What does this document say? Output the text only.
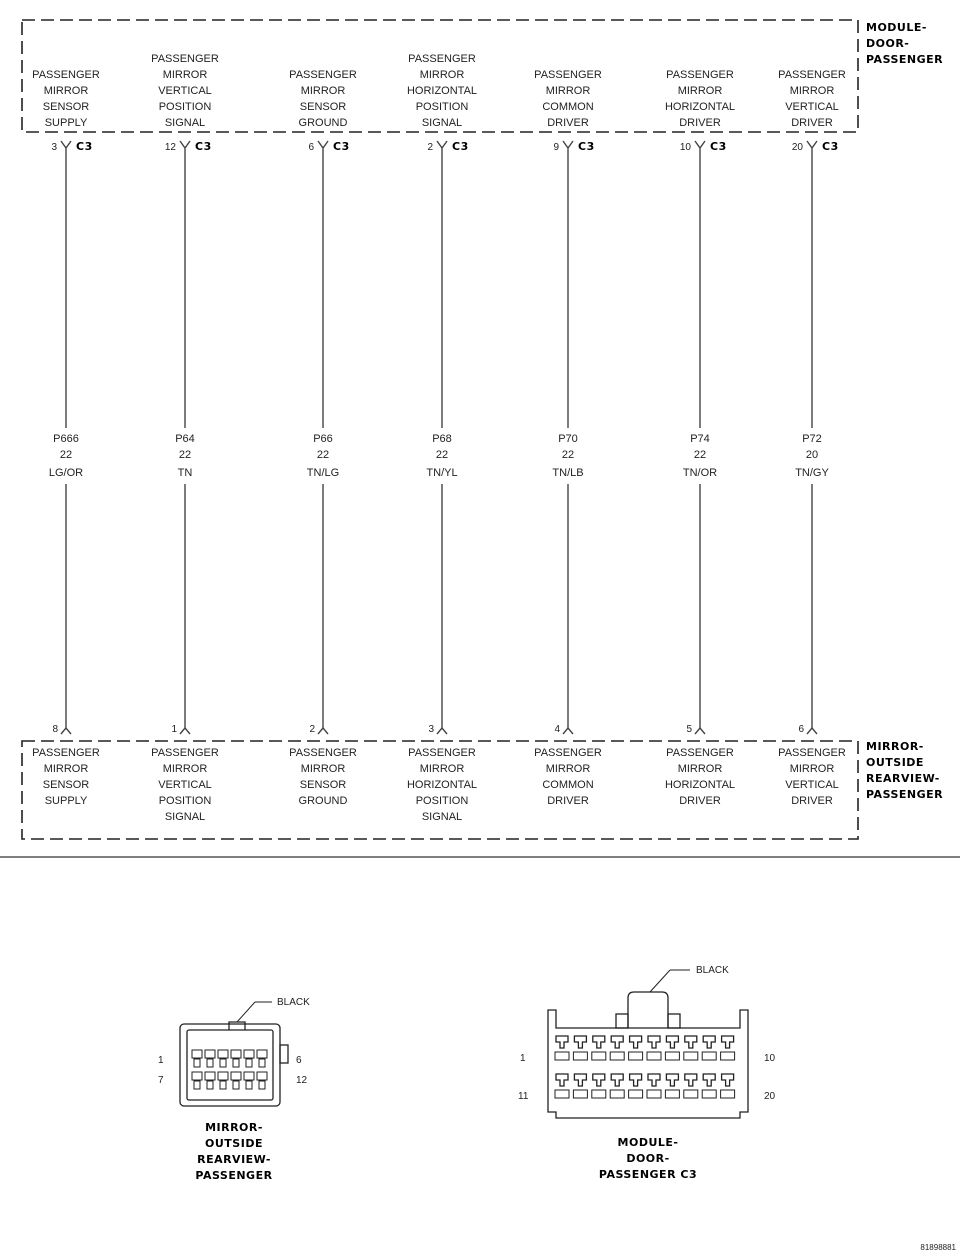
MODULE-
DOOR-
PASSENGER
MIRROR-
OUTSIDE
REARVIEW-
PASSENGER
PASSENGER
MIRROR
SENSOR
SUPPLY
3 C3
P666
22
LG/OR
8
PASSENGER
MIRROR
SENSOR
SUPPLY
PASSENGER
MIRROR
VERTICAL
POSITION
SIGNAL
12 C3
P64
22
TN
1
PASSENGER
MIRROR
VERTICAL
POSITION
SIGNAL
PASSENGER
MIRROR
SENSOR
GROUND
6 C3
P66
22
TN/LG
2
PASSENGER
MIRROR
SENSOR
GROUND
PASSENGER
MIRROR
HORIZONTAL
POSITION
SIGNAL
2 C3
P68
22
TN/YL
3
PASSENGER
MIRROR
HORIZONTAL
POSITION
SIGNAL
PASSENGER
MIRROR
COMMON
DRIVER
9 C3
P70
22
TN/LB
4
PASSENGER
MIRROR
COMMON
DRIVER
PASSENGER
MIRROR
HORIZONTAL
DRIVER
10 C3
P74
22
TN/OR
5
PASSENGER
MIRROR
HORIZONTAL
DRIVER
PASSENGER
MIRROR
VERTICAL
DRIVER
20 C3
P72
20
TN/GY
6
PASSENGER
MIRROR
VERTICAL
DRIVER
BLACK
1
7
6
12
MIRROR-
OUTSIDE
REARVIEW-
PASSENGER
BLACK
1
11
10
20
MODULE-
DOOR-
PASSENGER C3
81898881
